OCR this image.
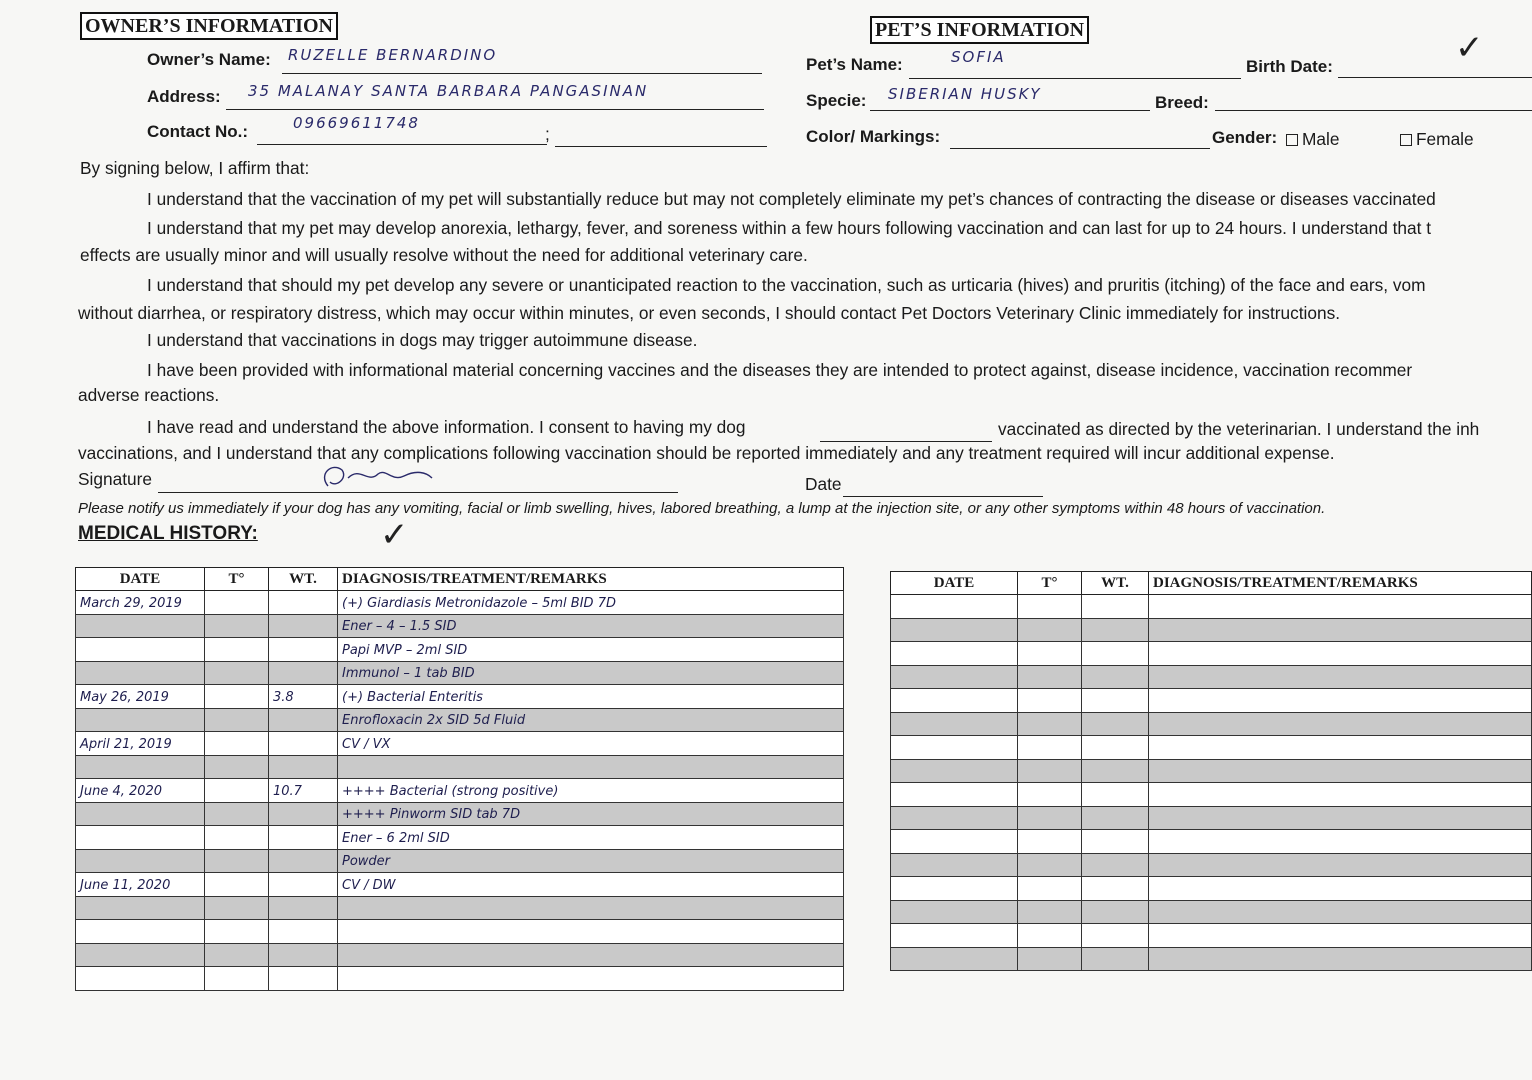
OWNER’S INFORMATION
Owner’s Name: RUZELLE BERNARDINO
Address: 35 MALANAY SANTA BARBARA PANGASINAN
Contact No.:	09669611748
;
PET’S INFORMATION
Pet’s Name:	SOFIA	Birth Date:	✓
Specie: SIBERIAN HUSKY	Breed:
Color/ Markings:	Gender:	Male	Female
By signing below, I affirm that:
I understand that the vaccination of my pet will substantially reduce but may not completely eliminate my pet’s chances of contracting the disease or diseases vaccinated
I understand that my pet may develop anorexia, lethargy, fever, and soreness within a few hours following vaccination and can last for up to 24 hours. I understand that t
effects are usually minor and will usually resolve without the need for additional veterinary care.
I understand that should my pet develop any severe or unanticipated reaction to the vaccination, such as urticaria (hives) and pruritis (itching) of the face and ears, vom
without diarrhea, or respiratory distress, which may occur within minutes, or even seconds, I should contact Pet Doctors Veterinary Clinic immediately for instructions.
I understand that vaccinations in dogs may trigger autoimmune disease.
I have been provided with informational material concerning vaccines and the diseases they are intended to protect against, disease incidence, vaccination recommer
adverse reactions.
I have read and understand the above information. I consent to having my dog	vaccinated as directed by the veterinarian. I understand the inh
vaccinations, and I understand that any complications following vaccination should be reported immediately and any treatment required will incur additional expense.
Signature	Date
Please notify us immediately if your dog has any vomiting, facial or limb swelling, hives, labored breathing, a lump at the injection site, or any other symptoms within 48 hours of vaccination.
MEDICAL HISTORY:	✓
DATE	T°	WT.	DIAGNOSIS/TREATMENT/REMARKS
March 29, 2019			(+) Giardiasis Metronidazole – 5ml BID 7D
			Ener – 4 – 1.5 SID
			Papi MVP – 2ml SID
			Immunol – 1 tab BID
May 26, 2019		3.8	(+) Bacterial Enteritis
			Enrofloxacin 2x SID 5d Fluid
April 21, 2019			CV / VX

June 4, 2020		10.7	++++ Bacterial (strong positive)
			++++ Pinworm SID tab 7D
			Ener – 6 2ml SID
			Powder
June 11, 2020			CV / DW

DATE	T°	WT.	DIAGNOSIS/TREATMENT/REMARKS
